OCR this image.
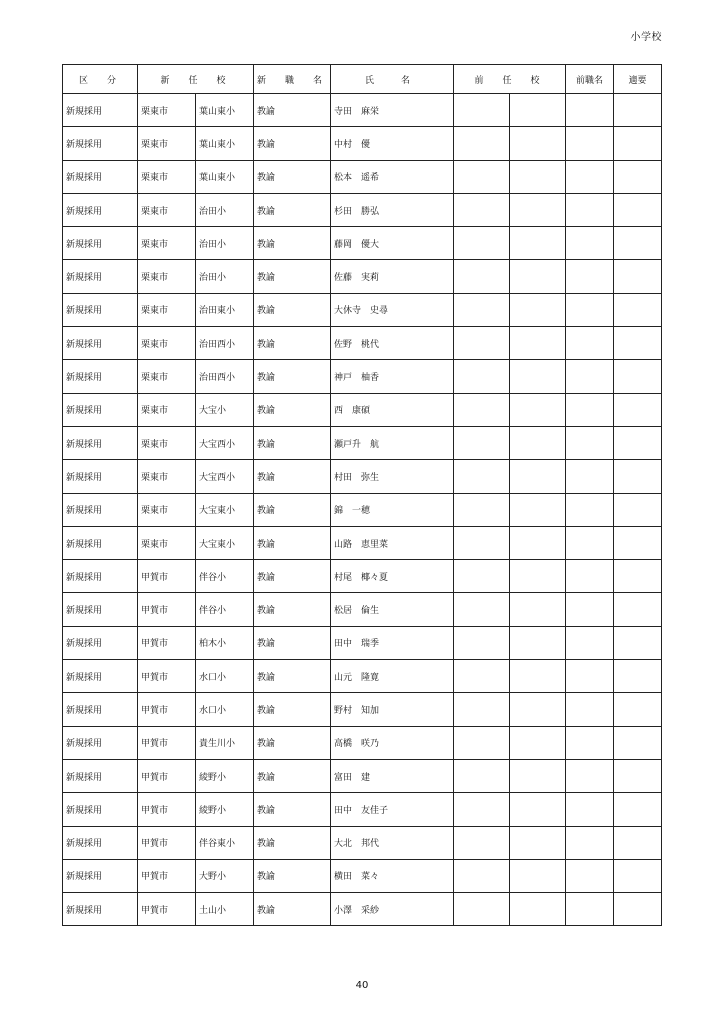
小学校
区　分	新　任　校		新　職　名	氏　名	前　任　校		前職名	適要
新規採用	栗東市	葉山東小	教諭	寺田　麻栄				
新規採用	栗東市	葉山東小	教諭	中村　優				
新規採用	栗東市	葉山東小	教諭	松本　遥希				
新規採用	栗東市	治田小	教諭	杉田　勝弘				
新規採用	栗東市	治田小	教諭	藤岡　優大				
新規採用	栗東市	治田小	教諭	佐藤　実莉				
新規採用	栗東市	治田東小	教諭	大休寺　史尋				
新規採用	栗東市	治田西小	教諭	佐野　桃代				
新規採用	栗東市	治田西小	教諭	神戸　柚香				
新規採用	栗東市	大宝小	教諭	西　康碩				
新規採用	栗東市	大宝西小	教諭	瀬戸升　航				
新規採用	栗東市	大宝西小	教諭	村田　弥生				
新規採用	栗東市	大宝東小	教諭	錦　一穂				
新規採用	栗東市	大宝東小	教諭	山路　恵里菜				
新規採用	甲賀市	伴谷小	教諭	村尾　椰々夏				
新規採用	甲賀市	伴谷小	教諭	松居　倫生				
新規採用	甲賀市	柏木小	教諭	田中　瑞季				
新規採用	甲賀市	水口小	教諭	山元　隆寛				
新規採用	甲賀市	水口小	教諭	野村　知加				
新規採用	甲賀市	貴生川小	教諭	高橋　咲乃				
新規採用	甲賀市	綾野小	教諭	富田　建				
新規採用	甲賀市	綾野小	教諭	田中　友佳子				
新規採用	甲賀市	伴谷東小	教諭	大北　邦代				
新規採用	甲賀市	大野小	教諭	横田　菜々				
新規採用	甲賀市	土山小	教諭	小澤　采紗				
40
